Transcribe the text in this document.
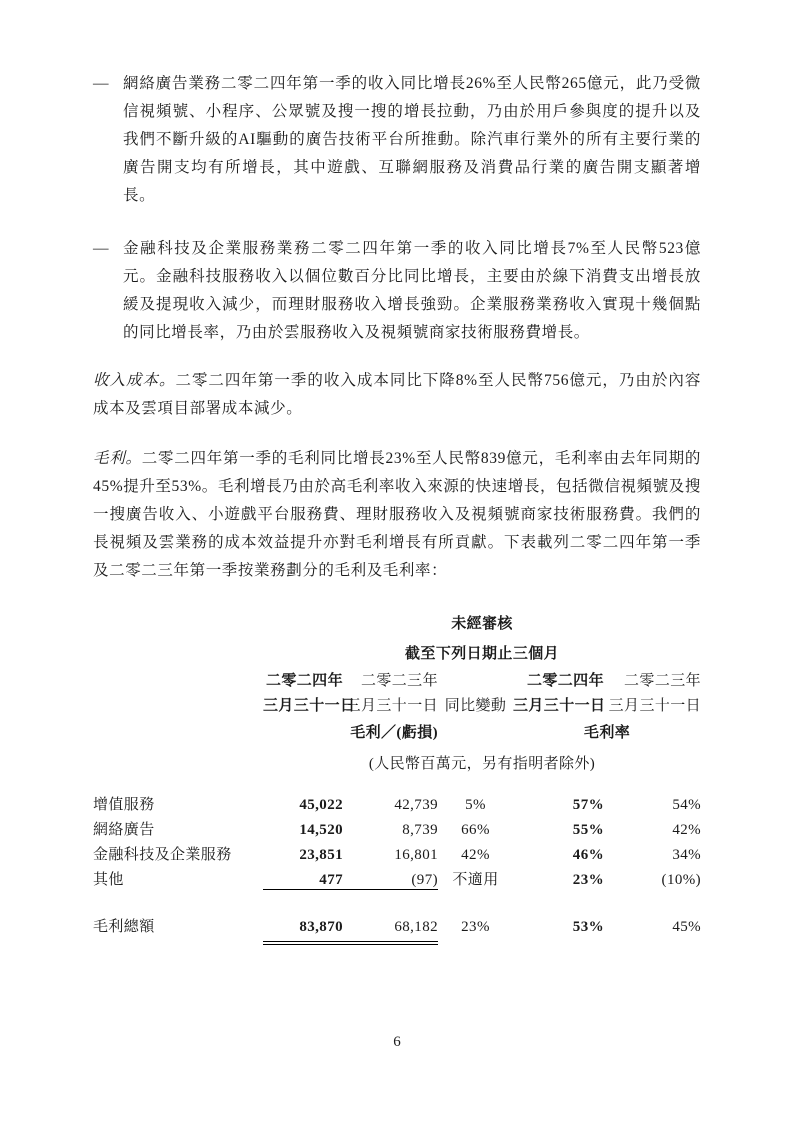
— 網絡廣告業務二零二四年第一季的收入同比增長26%至人民幣265億元，此乃受微信視頻號、小程序、公眾號及搜一搜的增長拉動，乃由於用戶參與度的提升以及我們不斷升級的AI驅動的廣告技術平台所推動。除汽車行業外的所有主要行業的廣告開支均有所增長，其中遊戲、互聯網服務及消費品行業的廣告開支顯著增長。

— 金融科技及企業服務業務二零二四年第一季的收入同比增長7%至人民幣523億元。金融科技服務收入以個位數百分比同比增長，主要由於線下消費支出增長放緩及提現收入減少，而理財服務收入增長強勁。企業服務業務收入實現十幾個點的同比增長率，乃由於雲服務收入及視頻號商家技術服務費增長。

收入成本。二零二四年第一季的收入成本同比下降8%至人民幣756億元，乃由於內容成本及雲項目部署成本減少。

毛利。二零二四年第一季的毛利同比增長23%至人民幣839億元，毛利率由去年同期的45%提升至53%。毛利增長乃由於高毛利率收入來源的快速增長，包括微信視頻號及搜一搜廣告收入、小遊戲平台服務費、理財服務收入及視頻號商家技術服務費。我們的長視頻及雲業務的成本效益提升亦對毛利增長有所貢獻。下表載列二零二四年第一季及二零二三年第一季按業務劃分的毛利及毛利率：

	未經審核				
	截至下列日期止三個月				
	二零二四年	二零二三年		二零二四年	二零二三年
	三月三十一日	三月三十一日	同比變動	三月三十一日	三月三十一日
	毛利／(虧損)			毛利率	
	(人民幣百萬元，另有指明者除外)				

增值服務	45,022	42,739	5%	57%	54%
網絡廣告	14,520	8,739	66%	55%	42%
金融科技及企業服務	23,851	16,801	42%	46%	34%
其他	477	(97)	不適用	23%	(10%)

毛利總額	83,870	68,182	23%	53%	45%

6
